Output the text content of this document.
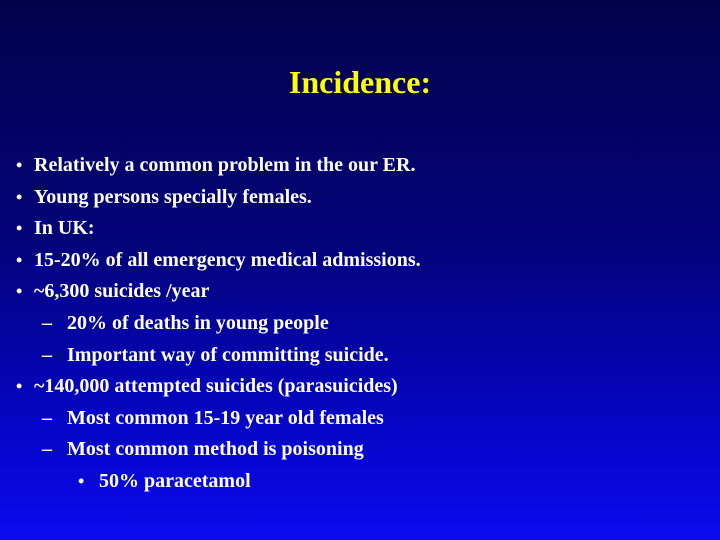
Incidence:
• Relatively a common problem in the our ER.
• Young persons specially females.
• In UK:
• 15-20% of all emergency medical admissions.
• ~6,300 suicides /year
– 20% of deaths in young people
– Important way of committing suicide.
• ~140,000 attempted suicides (parasuicides)
– Most common 15-19 year old females
– Most common method is poisoning
• 50% paracetamol
